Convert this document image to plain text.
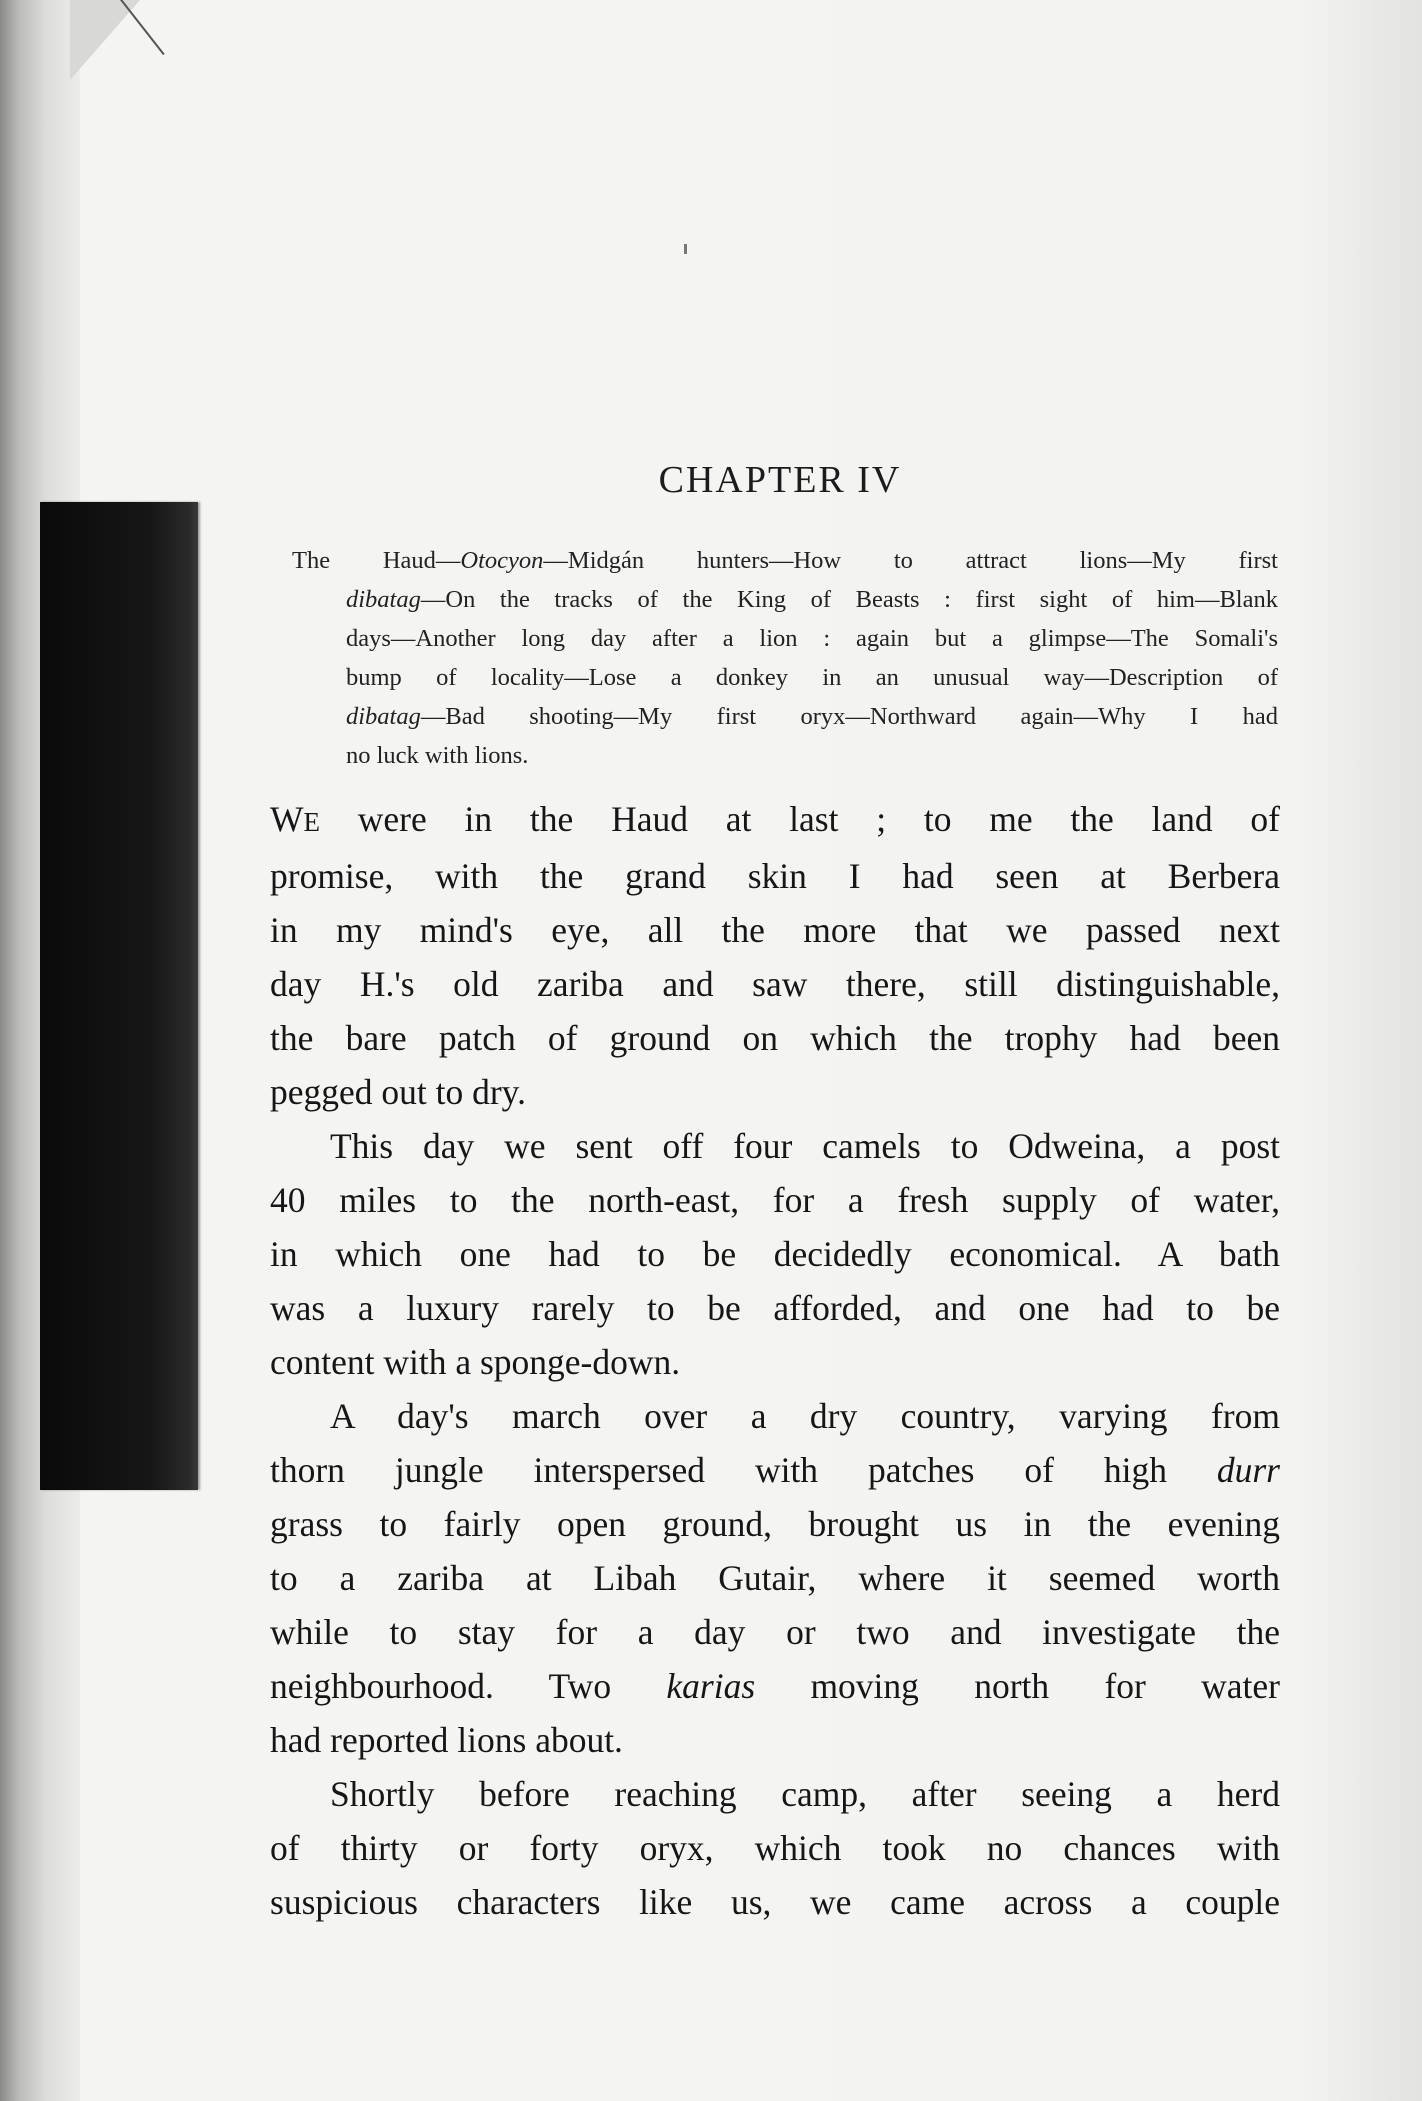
CHAPTER IV
The Haud—Otocyon—Midgán hunters—How to attract lions—My first
dibatag—On the tracks of the King of Beasts : first sight of him—Blank
days—Another long day after a lion : again but a glimpse—The Somali's
bump of locality—Lose a donkey in an unusual way—Description of
dibatag—Bad shooting—My first oryx—Northward again—Why I had
no luck with lions.
WE were in the Haud at last ; to me the land of
promise, with the grand skin I had seen at Berbera
in my mind's eye, all the more that we passed next
day H.'s old zariba and saw there, still distinguishable,
the bare patch of ground on which the trophy had been
pegged out to dry.
This day we sent off four camels to Odweina, a post
40 miles to the north-east, for a fresh supply of water,
in which one had to be decidedly economical. A bath
was a luxury rarely to be afforded, and one had to be
content with a sponge-down.
A day's march over a dry country, varying from
thorn jungle interspersed with patches of high durr
grass to fairly open ground, brought us in the evening
to a zariba at Libah Gutair, where it seemed worth
while to stay for a day or two and investigate the
neighbourhood. Two karias moving north for water
had reported lions about.
Shortly before reaching camp, after seeing a herd
of thirty or forty oryx, which took no chances with
suspicious characters like us, we came across a couple
